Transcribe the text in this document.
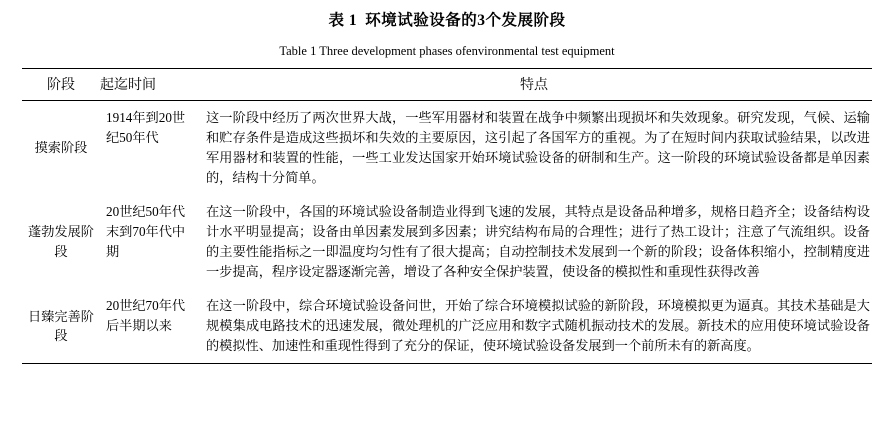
表 1 环境试验设备的3个发展阶段
Table 1 Three development phases ofenvironmental test equipment
阶段	起迄时间	特点

摸索阶段	1914年到20世纪50年代	这一阶段中经历了两次世界大战，一些军用器材和装置在战争中频繁出现损坏和失效现象。研究发现，气候、运输和贮存条件是造成这些损坏和失效的主要原因，这引起了各国军方的重视。为了在短时间内获取试验结果，以改进军用器材和装置的性能，一些工业发达国家开始环境试验设备的研制和生产。这一阶段的环境试验设备都是单因素的，结构十分简单。

蓬勃发展阶段	20世纪50年代末到70年代中期	在这一阶段中，各国的环境试验设备制造业得到飞速的发展，其特点是设备品种增多，规格日趋齐全；设备结构设计水平明显提高；设备由单因素发展到多因素；讲究结构布局的合理性；进行了热工设计；注意了气流组织。设备的主要性能指标之一即温度均匀性有了很大提高；自动控制技术发展到一个新的阶段；设备体积缩小，控制精度进一步提高，程序设定器逐渐完善，增设了各种安全保护装置，使设备的模拟性和重现性获得改善

日臻完善阶段	20世纪70年代后半期以来	在这一阶段中，综合环境试验设备问世，开始了综合环境模拟试验的新阶段，环境模拟更为逼真。其技术基础是大规模集成电路技术的迅速发展，微处理机的广泛应用和数字式随机振动技术的发展。新技术的应用使环境试验设备的模拟性、加速性和重现性得到了充分的保证，使环境试验设备发展到一个前所未有的新高度。
